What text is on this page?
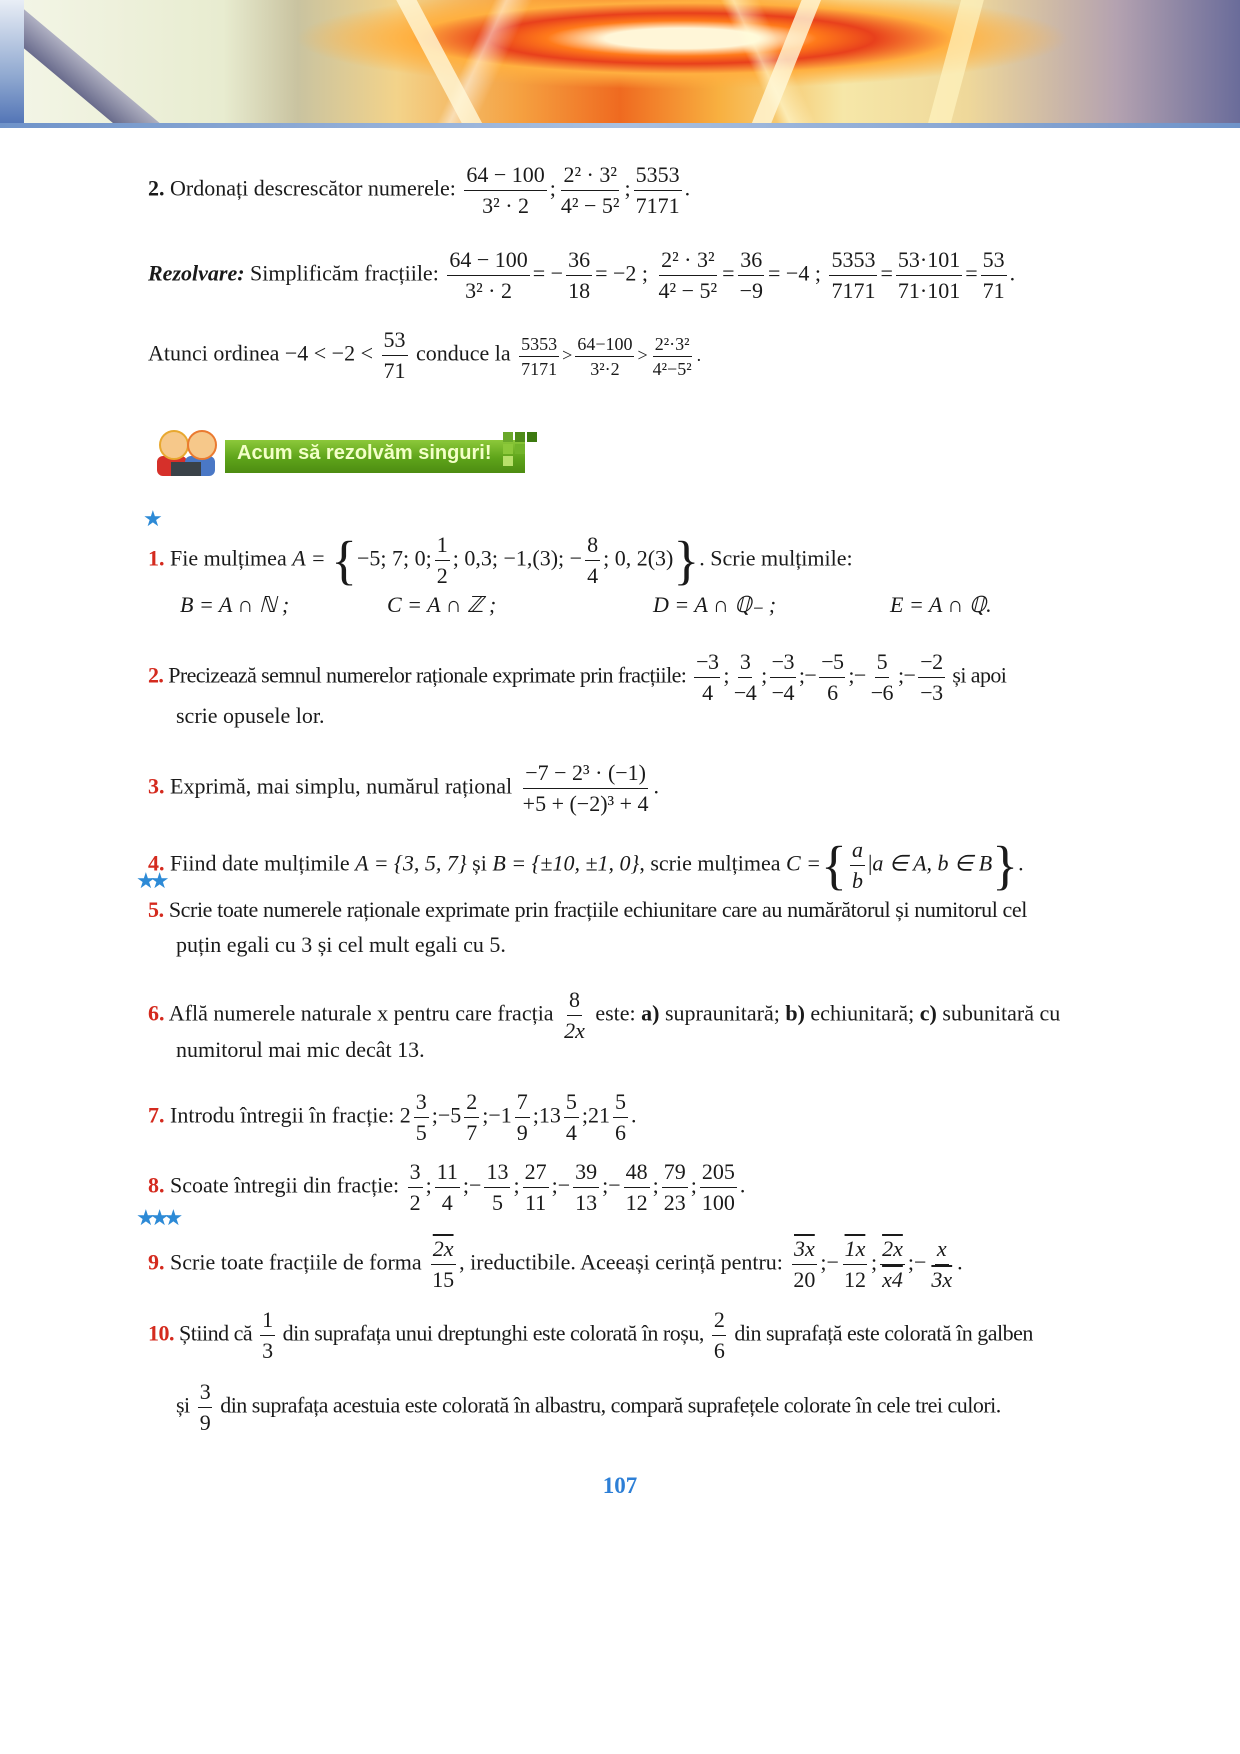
2. Ordonați descrescător numerele: $\frac{64 - 100}{\text{3² · 2}}$ ; $\frac{\text{2² · 3²}}{\text{4² − 5²}}$ ; $\frac{5353}{7171}$ .
Rezolvare: Simplificăm fracțiile: $\frac{64 - 100}{\text{3² · 2}}$ = − $\frac{36}{18} = -2$ ; $\frac{\text{2² · 3²}}{\text{4² − 5²}} = \frac{36}{-9} = -4$ ; $\frac{5353}{7171} = \frac{53\cdot 101}{71\cdot 101} = \frac{53}{71}$ .
Atunci ordinea $-4 < -2 < \frac{53}{71}$ conduce la $\frac{5353}{7171} > \frac{64-100}{\text{3²·2}} > \frac{\text{2²·3²}}{\text{4²−5²}}$ .
Acum să rezolvăm singuri!
★
1. Fie mulțimea A = {−5; 7; 0; $\frac{1}{2}$ ; 0,3; −1,(3); − $\frac{8}{4}$ ; 0, 2(3)}. Scrie mulțimile:
B = A ∩ ℕ ;	C = A ∩ ℤ ;	D = A ∩ ℚ₋ ;	E = A ∩ ℚ.
2. Precizează semnul numerelor raționale exprimate prin fracțiile: $\frac{-3}{4}$ ; $\frac{3}{-4}$ ; $\frac{-3}{-4}$ ;− $\frac{-5}{6}$ ;− $\frac{5}{-6}$ ;− $\frac{-2}{-3}$ și apoi
scrie opusele lor.
3. Exprimă, mai simplu, numărul rațional $\frac{\text{−7 − 2³ · (−1)}}{\text{+5 + (−2)³ + 4}}$ .
4. Fiind date mulțimile A = {3, 5, 7} și B = {±10, ±1, 0}, scrie mulțimea C ={ $\frac{a}{b} |a$ ∈ A, b ∈ B}.
★★
5. Scrie toate numerele raționale exprimate prin fracțiile echiunitare care au numărătorul și numitorul cel
puțin egali cu 3 și cel mult egali cu 5.
6. Află numerele naturale x pentru care fracția $\frac{8}{2x}$ este: a) supraunitară; b) echiunitară; c) subunitară cu
numitorul mai mic decât 13.
7. Introdu întregii în fracție: $2 \frac{3}{5}$ ;−5 $\frac{2}{7}$ ;−1 $\frac{7}{9}$ ;13 $\frac{5}{4}$ ;21 $\frac{5}{6}$ .
8. Scoate întregii din fracție: $\frac{3}{2}$ ; $\frac{11}{4}$ ;− $\frac{13}{5}$ ; $\frac{27}{11}$ ;− $\frac{39}{13}$ ;− $\frac{48}{12}$ ; $\frac{79}{23}$ ; $\frac{205}{100}$ .
★★★
9. Scrie toate fracțiile de forma $\frac{2x}{15}$ , ireductibile. Aceeași cerință pentru: $\frac{3x}{20}$ ;− $\frac{1x}{12}$ ; $\frac{2x}{x4}$ ;− $\frac{x}{3x}$ .
10. Știind că $\frac{1}{3}$ din suprafața unui dreptunghi este colorată în roșu, $\frac{2}{6}$ din suprafață este colorată în galben
și $\frac{3}{9}$ din suprafața acestuia este colorată în albastru, compară suprafețele colorate în cele trei culori.
107
